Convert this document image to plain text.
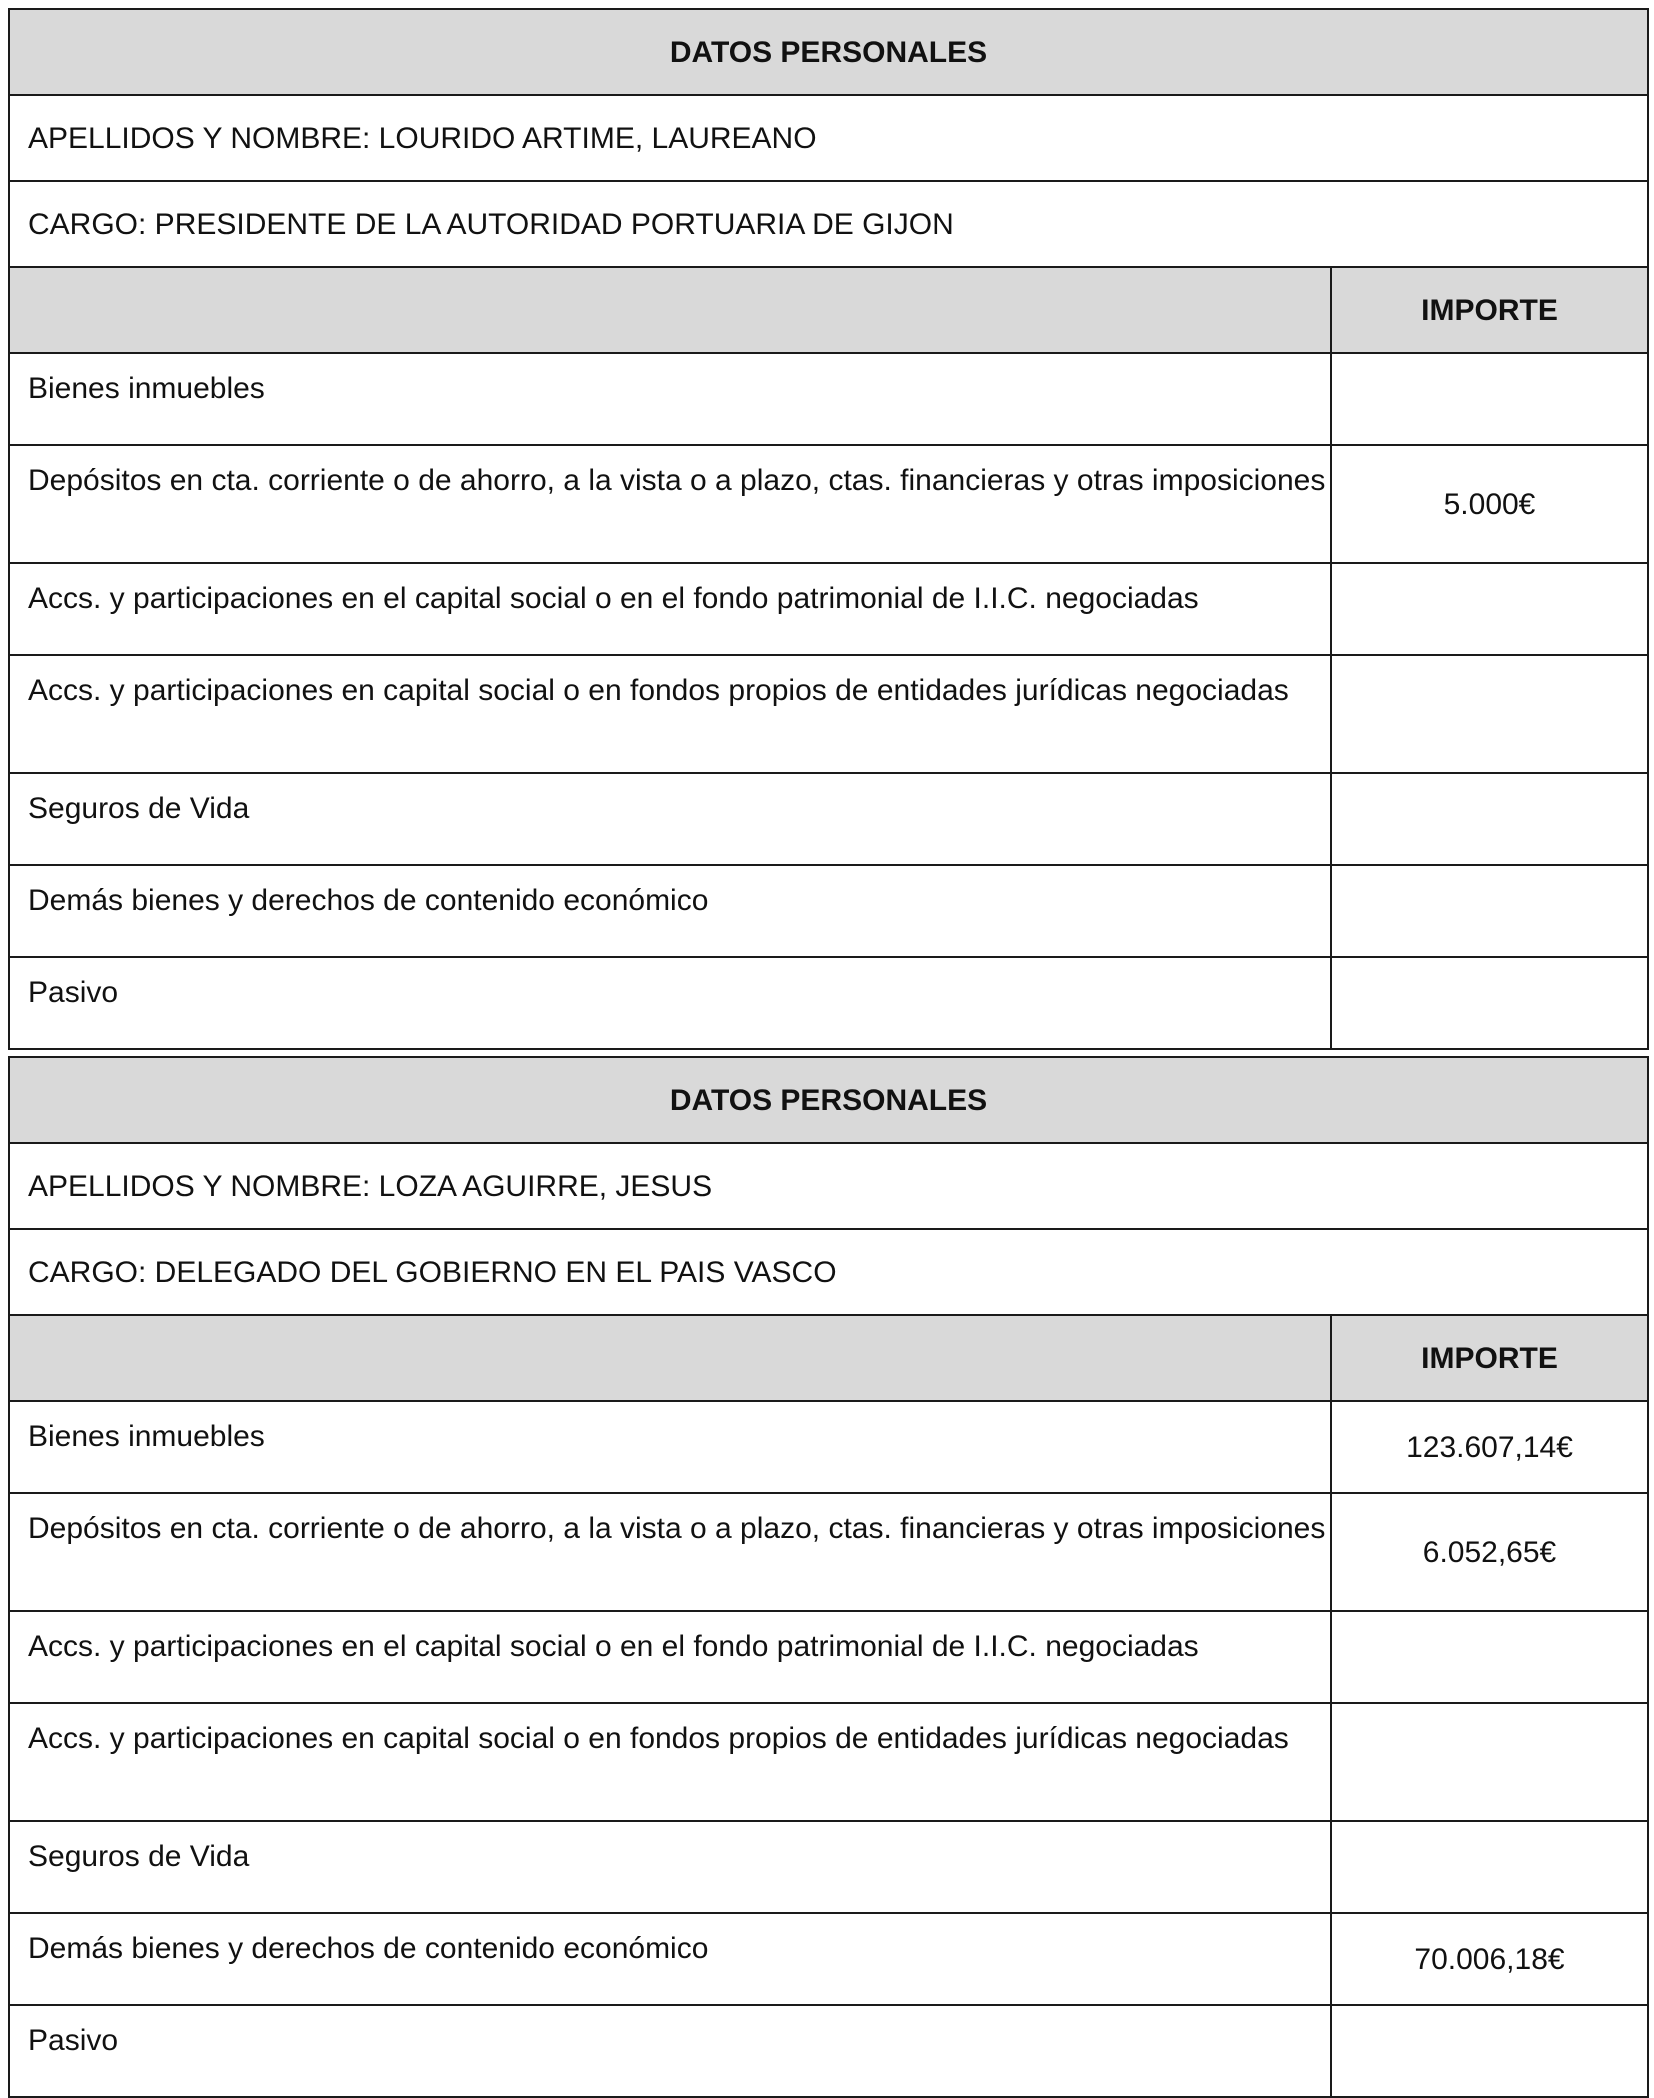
DATOS PERSONALES	
APELLIDOS Y NOMBRE: LOURIDO ARTIME, LAUREANO	
CARGO: PRESIDENTE DE LA AUTORIDAD PORTUARIA DE GIJON	
	IMPORTE
Bienes inmuebles	
Depósitos en cta. corriente o de ahorro, a la vista o a plazo, ctas. financieras y otras imposiciones	5.000€
Accs. y participaciones en el capital social o en el fondo patrimonial de I.I.C. negociadas	
Accs. y participaciones en capital social o en fondos propios de entidades jurídicas negociadas	
Seguros de Vida	
Demás bienes y derechos de contenido económico	
Pasivo	
DATOS PERSONALES	
APELLIDOS Y NOMBRE: LOZA AGUIRRE, JESUS	
CARGO: DELEGADO DEL GOBIERNO EN EL PAIS VASCO	
	IMPORTE
Bienes inmuebles	123.607,14€
Depósitos en cta. corriente o de ahorro, a la vista o a plazo, ctas. financieras y otras imposiciones	6.052,65€
Accs. y participaciones en el capital social o en el fondo patrimonial de I.I.C. negociadas	
Accs. y participaciones en capital social o en fondos propios de entidades jurídicas negociadas	
Seguros de Vida	
Demás bienes y derechos de contenido económico	70.006,18€
Pasivo	
